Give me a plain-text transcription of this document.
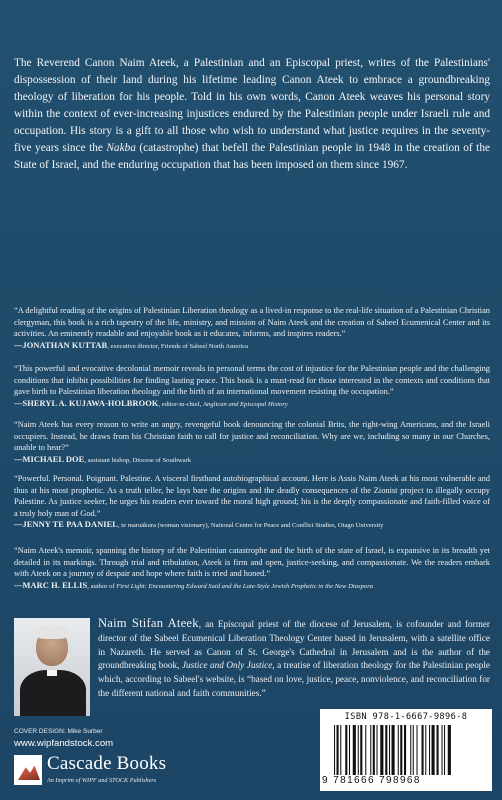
The Reverend Canon Naim Ateek, a Palestinian and an Episcopal priest, writes of the Palestinians' dispossession of their land during his lifetime leading Canon Ateek to embrace a groundbreaking theology of liberation for his people. Told in his own words, Canon Ateek weaves his personal story within the context of ever-increasing injustices endured by the Palestinian people under Israeli rule and occupation. His story is a gift to all those who wish to understand what justice requires in the seventy-five years since the Nakba (catastrophe) that befell the Palestinian people in 1948 in the creation of the State of Israel, and the enduring occupation that has been imposed on them since 1967.

“A delightful reading of the origins of Palestinian Liberation theology as a lived-in response to the real-life situation of a Palestinian Christian clergyman, this book is a rich tapestry of the life, ministry, and mission of Naim Ateek and the creation of Sabeel Ecumenical Center and its activities. An eminently readable and enjoyable book as it educates, informs, and inspires readers.”
—JONATHAN KUTTAB, executive director, Friends of Sabeel North America
“This powerful and evocative decolonial memoir reveals in personal terms the cost of injustice for the Palestinian people and the challenging conditions that inhibit possibilities for finding lasting peace. This book is a must-read for those interested in the contexts and conditions that gave birth to Palestinian liberation theology and the birth of an international movement resisting the occupation.”
—SHERYL A. KUJAWA-HOLBROOK, editor-in-chief, Anglican and Episcopal History
“Naim Ateek has every reason to write an angry, revengeful book denouncing the colonial Brits, the right-wing Americans, and the Israeli occupiers. Instead, he draws from his Christian faith to call for justice and reconciliation. Why are we, including so many in our Churches, unable to hear?”
—MICHAEL DOE, assistant bishop, Diocese of Southwark
“Powerful. Personal. Poignant. Palestine. A visceral firsthand autobiographical account. Here is Assis Naim Ateek at his most vulnerable and thus at his most prophetic. As a truth teller, he lays bare the origins and the deadly consequences of the Zionist project to illegally occupy Palestine. As justice seeker, he urges his readers ever toward the moral high ground; his is the deeply compassionate and faith-filled voice of a truly holy man of God.”
—JENNY TE PAA DANIEL, te maruākura (woman visionary), National Centre for Peace and Conflict Studies, Otago University
“Naim Ateek's memoir, spanning the history of the Palestinian catastrophe and the birth of the state of Israel, is expansive in its breadth yet detailed in its markings. Through trial and tribulation, Ateek is firm and open, justice-seeking, and compassionate. We the readers embark with Ateek on a journey of despair and hope where faith is tried and honed.”
—MARC H. ELLIS, author of First Light: Encountering Edward Said and the Late-Style Jewish Prophetic in the New Diaspora

Naim Stifan Ateek, an Episcopal priest of the diocese of Jerusalem, is cofounder and former director of the Sabeel Ecumenical Liberation Theology Center based in Jerusalem, with a satellite office in Nazareth. He served as Canon of St. George's Cathedral in Jerusalem and is the author of the groundbreaking book, Justice and Only Justice, a treatise of liberation theology for the Palestinian people which, according to Sabeel's website, is “based on love, justice, peace, nonviolence, and reconciliation for the different national and faith communities.”

COVER DESIGN: Mike Surber
www.wipfandstock.com
Cascade Books
An Imprint of WIPF and STOCK Publishers
ISBN 978-1-6667-9896-8
9 781666 798968
